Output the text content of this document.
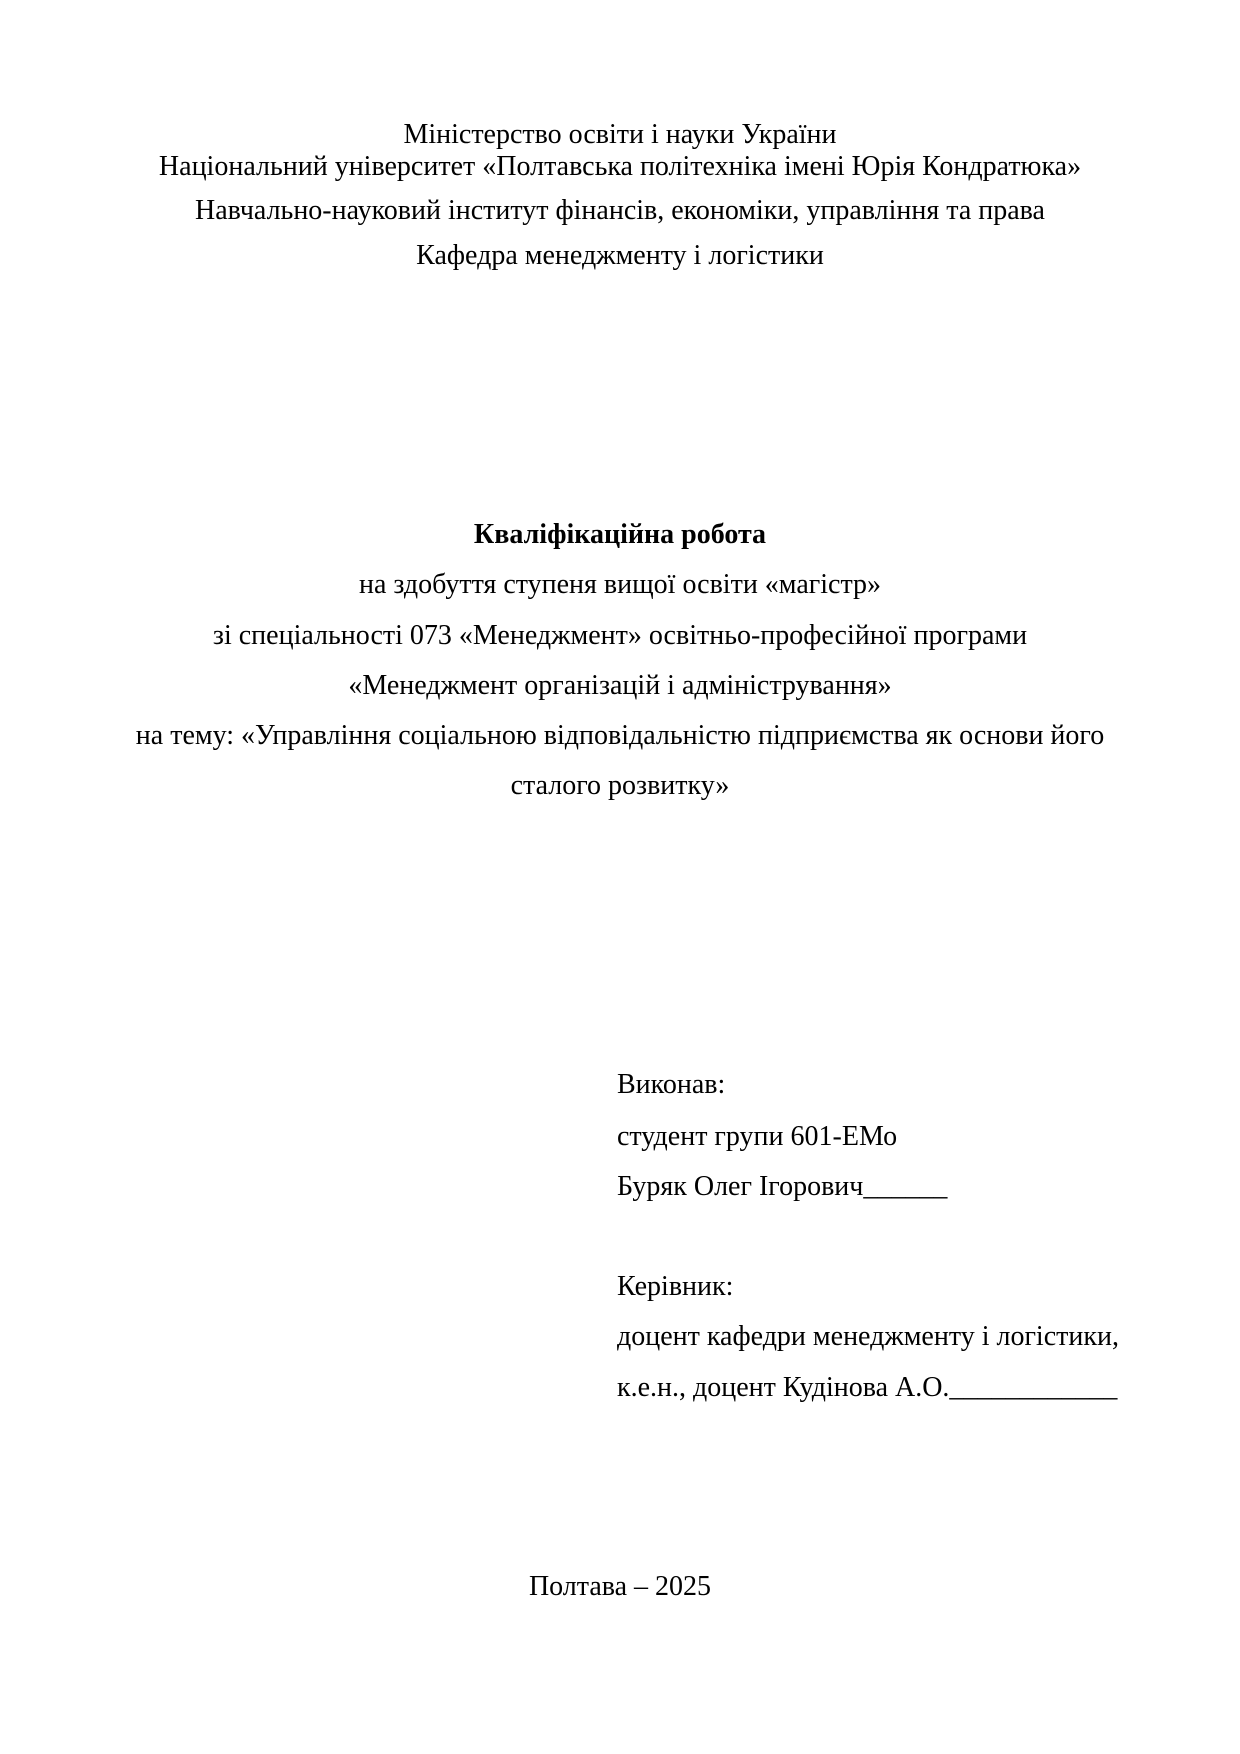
Міністерство освіти і науки України
Національний університет «Полтавська політехніка імені Юрія Кондратюка»
Навчально-науковий інститут фінансів, економіки, управління та права
Кафедра менеджменту і логістики
Кваліфікаційна робота
на здобуття ступеня вищої освіти «магістр»
зі спеціальності 073 «Менеджмент» освітньо-професійної програми
«Менеджмент організацій і адміністрування»
на тему: «Управління соціальною відповідальністю підприємства як основи його
сталого розвитку»
Виконав:
студент групи 601-ЕМо
Буряк Олег Ігорович______
Керівник:
доцент кафедри менеджменту і логістики,
к.е.н., доцент Кудінова А.О.____________
Полтава – 2025
